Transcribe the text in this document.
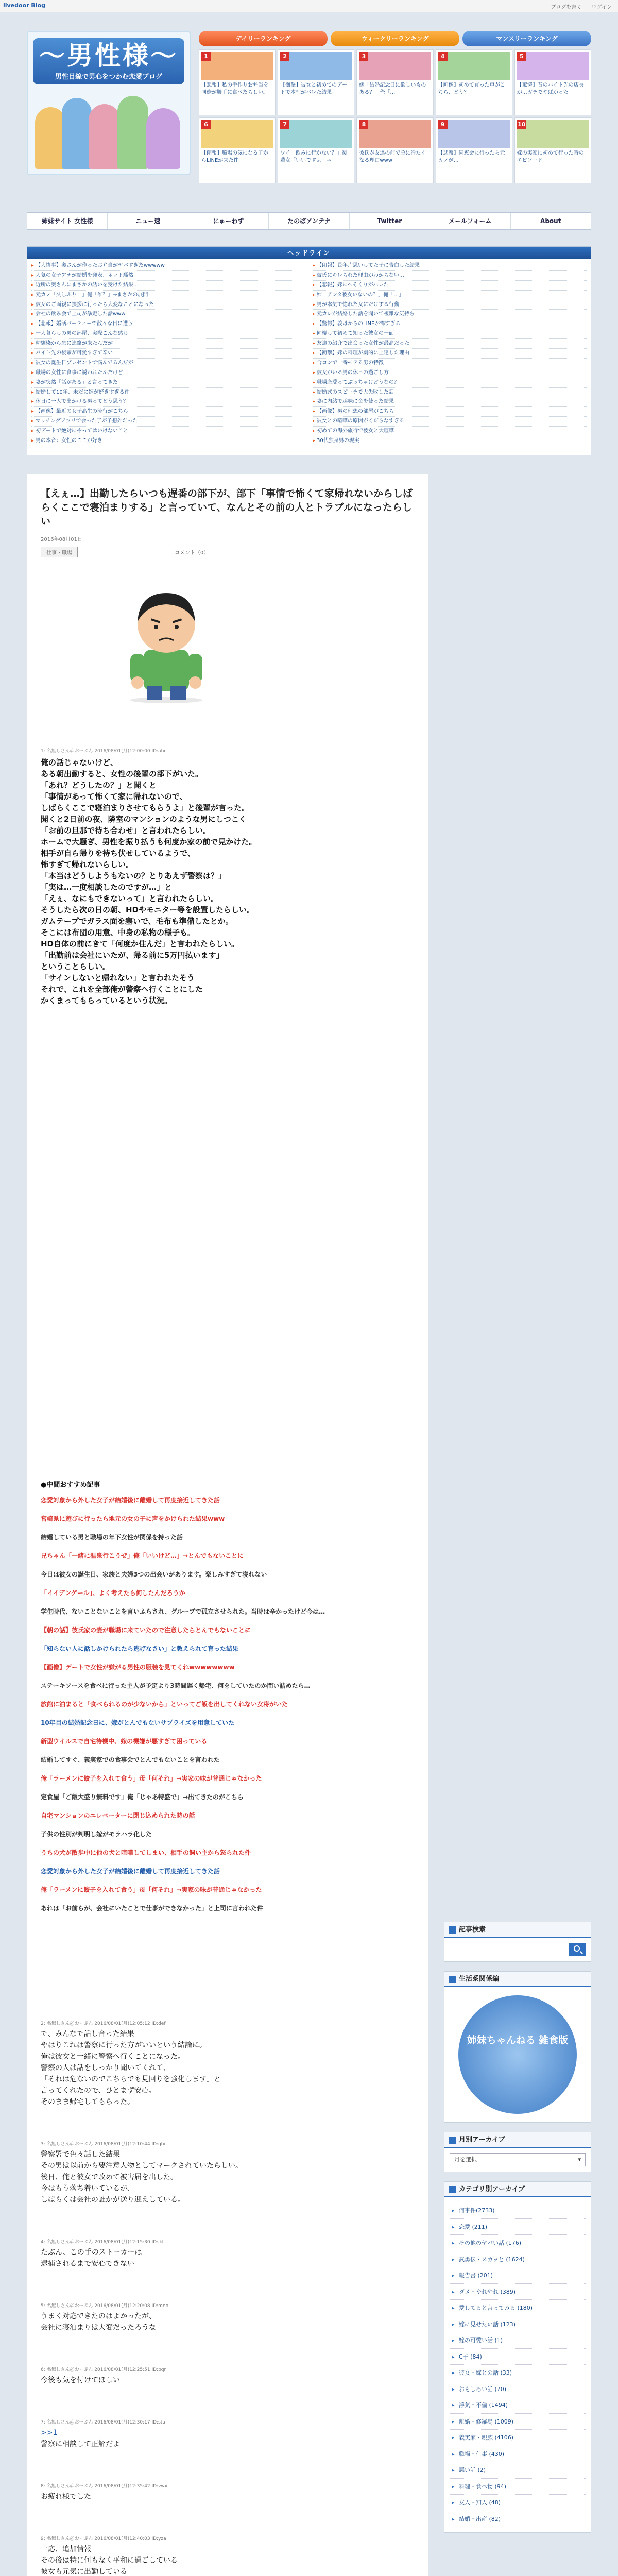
livedoor Blog	ブログを書く ログイン
〜男性様〜
男性目線で男心をつかむ恋愛ブログ
デイリーランキング	ウィークリーランキング	マンスリーランキング
1
【悲報】私の手作りお弁当を同僚が勝手に食べたらしい。
2
【衝撃】彼女と初めてのデートで本性がバレた結果
3
嫁「結婚記念日に欲しいものある？」俺「…」
4
【画像】初めて買った車がこちら、どう？
5
【驚愕】昔のバイト先の店長が…ガチでやばかった
6
【朗報】職場の気になる子からLINEが来た件
7
ワイ「飲みに行かない？」後輩女「いいですよ」→
8
彼氏が友達の前で急に冷たくなる理由www
9
【悲報】同窓会に行ったら元カノが…
10
嫁の実家に初めて行った時のエピソード
姉妹サイト 女性様	ニュー速	にゅーわず	たのばアンテナ	Twitter	メールフォーム	About
ヘッドライン
▶ 【大惨事】奥さんが作ったお弁当がヤバすぎたwwwww
▶ 人気の女子アナが結婚を発表、ネット騒然
▶ 近所の奥さんにまさかの誘いを受けた結果…
▶ 元カノ「久しぶり！」俺「誰？」→まさかの展開
▶ 彼女のご両親に挨拶に行ったら大変なことになった
▶ 会社の飲み会で上司が暴走した話www
▶ 【悲報】婚活パーティーで散々な目に遭う
▶ 一人暮らしの男の部屋、実際こんな感じ
▶ 幼馴染から急に連絡が来たんだが
▶ バイト先の後輩が可愛すぎて辛い
▶ 彼女の誕生日プレゼントで悩んでるんだが
▶ 職場の女性に食事に誘われたんだけど
▶ 妻が突然「話がある」と言ってきた
▶ 結婚して10年、未だに嫁が好きすぎる件
▶ 休日に一人で出かける男ってどう思う？
▶ 【画像】最近の女子高生の流行がこちら
▶ マッチングアプリで会った子が予想外だった
▶ 初デートで絶対にやってはいけないこと
▶ 男の本音：女性のここが好き
▶ 【朗報】長年片思いしてた子に告白した結果
▶ 彼氏にキレられた理由がわからない…
▶ 【悲報】嫁にへそくりがバレた
▶ 姉「アンタ彼女いないの？」俺「…」
▶ 男が本気で惚れた女にだけする行動
▶ 元カレが結婚した話を聞いて複雑な気持ち
▶ 【驚愕】義母からのLINEが怖すぎる
▶ 同棲して初めて知った彼女の一面
▶ 友達の紹介で出会った女性が最高だった
▶ 【衝撃】嫁の料理が劇的に上達した理由
▶ 合コンで一番モテる男の特徴
▶ 彼女がいる男の休日の過ごし方
▶ 職場恋愛ってぶっちゃけどうなの？
▶ 結婚式のスピーチで大失敗した話
▶ 妻に内緒で趣味に金を使った結果
▶ 【画像】男の理想の部屋がこちら
▶ 彼女との喧嘩の原因がくだらなすぎる
▶ 初めての海外旅行で彼女と大喧嘩
▶ 30代独身男の現実
【えぇ…】出勤したらいつも遅番の部下が、部下「事情で怖くて家帰れないからしばらくここで寝泊まりする」と言っていて、なんとその前の人とトラブルになったらしい
2016年08月01日
仕事・職場	コメント（0）
1: 名無しさん＠おーぷん 2016/08/01(月)12:00:00 ID:abc
俺の話じゃないけど、
ある朝出勤すると、女性の後輩の部下がいた。
「あれ？どうしたの？」と聞くと
「事情があって怖くて家に帰れないので、
しばらくここで寝泊まりさせてもらうよ」と後輩が言った。
聞くと2日前の夜、隣室のマンションのような男にしつこく
「お前の旦那で待ち合わせ」と言われたらしい。
ホームで大騒ぎ、男性を振り払うも何度か家の前で見かけた。
相手が自ら帰りを待ち伏せしているようで、
怖すぎて帰れないらしい。
「本当はどうしようもないの？とりあえず警察は？」
「実は…一度相談したのですが…」と
「えぇ、なにもできないって」と言われたらしい。
そうしたら次の日の朝、HDやモニター等を設置したらしい。
ガムテープでガラス面を塞いで、毛布も準備したとか。
そこには布団の用意、中身の私物の様子も。
HD自体の前にきて「何度か住んだ」と言われたらしい。
「出勤前は会社にいたが、帰る前に5万円払います」
ということらしい。
「サインしないと帰れない」と言われたそう
それで、これを全部俺が警察へ行くことにした
かくまってもらっているという状況。
●中間おすすめ記事
恋愛対象から外した女子が結婚後に離婚して再度接近してきた話
宮崎県に遊びに行ったら地元の女の子に声をかけられた結果www
結婚している男と職場の年下女性が関係を持った話
兄ちゃん「一緒に温泉行こうぜ」俺「いいけど…」→とんでもないことに
今日は彼女の誕生日、家族と夫婦3つの出会いがあります。楽しみすぎて寝れない
「イイデンゲール」、よく考えたら何したんだろうか
学生時代、ないことないことを言いふらされ、グループで孤立させられた。当時は辛かったけど今は…
【朝の話】彼氏家の妻が職場に来ていたので注意したらとんでもないことに
「知らない人に話しかけられたら逃げなさい」と教えられて育った結果
【画像】デートで女性が嫌がる男性の服装を見てくれwwwwwwww
ステーキソースを食べに行った主人が予定より3時間遅く帰宅、何をしていたのか問い詰めたら…
旅館に泊まると「食べられるのが少ないから」といってご飯を出してくれない女将がいた
10年目の結婚記念日に、嫁がとんでもないサプライズを用意していた
新型ウイルスで自宅待機中、嫁の機嫌が悪すぎて困っている
結婚してすぐ、義実家での食事会でとんでもないことを言われた
俺「ラーメンに餃子を入れて食う」母「何それ」→実家の味が普通じゃなかった
定食屋「ご飯大盛り無料です」俺「じゃあ特盛で」→出てきたのがこちら
自宅マンションのエレベーターに閉じ込められた時の話
子供の性別が判明し嫁がモラハラ化した
うちの犬が散歩中に他の犬と喧嘩してしまい、相手の飼い主から怒られた件
恋愛対象から外した女子が結婚後に離婚して再度接近してきた話
俺「ラーメンに餃子を入れて食う」母「何それ」→実家の味が普通じゃなかった
あれは「お前らが、会社にいたことで仕事ができなかった」と上司に言われた件
2: 名無しさん＠おーぷん 2016/08/01(月)12:05:12 ID:def
で、みんなで話し合った結果
やはりこれは警察に行った方がいいという結論に。
俺は彼女と一緒に警察へ行くことになった。
警察の人は話をしっかり聞いてくれて、
「それは危ないのでこちらでも見回りを強化します」と
言ってくれたので、ひとまず安心。
そのまま帰宅してもらった。
3: 名無しさん＠おーぷん 2016/08/01(月)12:10:44 ID:ghi
警察署で色々話した結果
その男は以前から要注意人物としてマークされていたらしい。
後日、俺と彼女で改めて被害届を出した。
今はもう落ち着いているが、
しばらくは会社の誰かが送り迎えしている。
4: 名無しさん＠おーぷん 2016/08/01(月)12:15:30 ID:jkl
たぶん、この手のストーカーは
逮捕されるまで安心できない
5: 名無しさん＠おーぷん 2016/08/01(月)12:20:08 ID:mno
うまく対応できたのはよかったが、
会社に寝泊まりは大変だったろうな
6: 名無しさん＠おーぷん 2016/08/01(月)12:25:51 ID:pqr
今後も気を付けてほしい
7: 名無しさん＠おーぷん 2016/08/01(月)12:30:17 ID:stu
>>1
警察に相談して正解だよ
8: 名無しさん＠おーぷん 2016/08/01(月)12:35:42 ID:vwx
お疲れ様でした
9: 名無しさん＠おーぷん 2016/08/01(月)12:40:03 ID:yza
一応、追加情報
その後は特に何もなく平和に過ごしている
彼女も元気に出勤している
記事検索
生活系関係編
姉妹ちゃんねる 雑食版
月別アーカイブ
月を選択 ▾
カテゴリ別アーカイブ
▸ 何事件(2733)
▸ 恋愛 (211)
▸ その他のヤバい話 (176)
▸ 武勇伝・スカッと (1624)
▸ 報告書 (201)
▸ ダメ・やれやれ (389)
▸ 愛してると言ってみる (180)
▸ 嫁に見せたい話 (123)
▸ 嫁の可愛い話 (1)
▸ C子 (84)
▸ 彼女・嫁との話 (33)
▸ おもしろい話 (70)
▸ 浮気・不倫 (1494)
▸ 離婚・修羅場 (1009)
▸ 義実家・親族 (4106)
▸ 職場・仕事 (430)
▸ 悪い話 (2)
▸ 料理・食べ物 (94)
▸ 友人・知人 (48)
▸ 結婚・出産 (82)
